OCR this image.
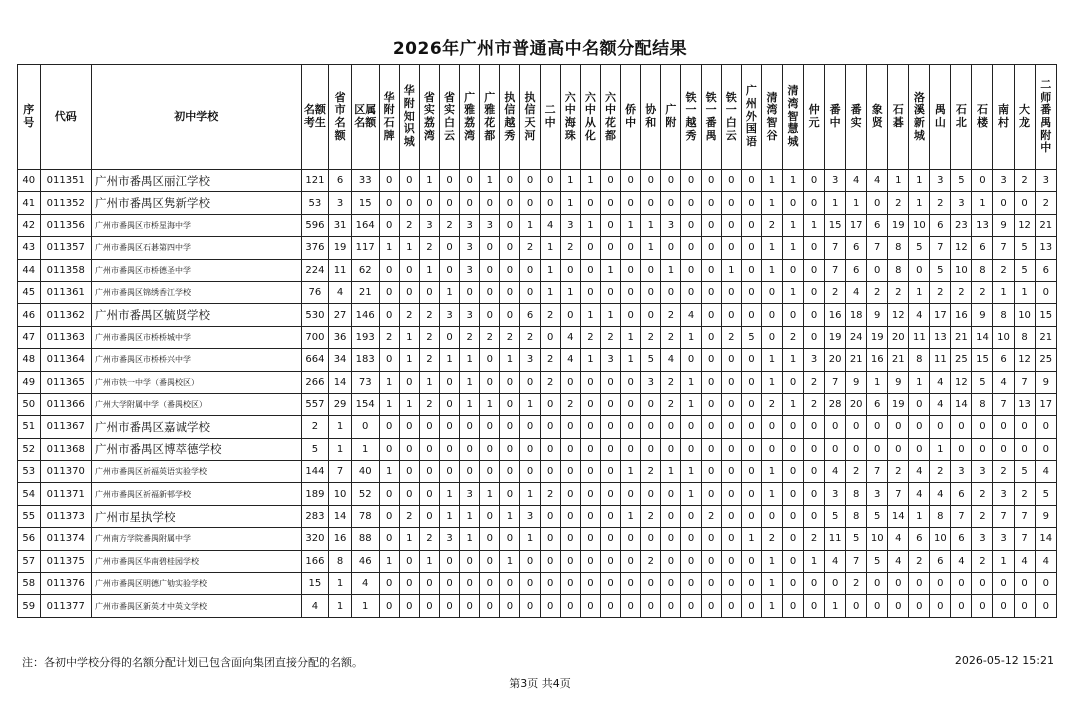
2026年广州市普通高中名额分配结果
序号	代码	初中学校	名额考生	省市名额	区属名额	华附石牌	华附知识城	省实荔湾	省实白云	广雅荔湾	广雅花都	执信越秀	执信天河	二中	六中海珠	六中从化	六中花都	侨中	协和	广附	铁一越秀	铁一番禺	铁一白云	广州外国语	清湾智谷	清湾智慧城	仲元	番中	番实	象贤	石碁	洛溪新城	禺山	石北	石楼	南村	大龙	二师番禺附中
40	011351	广州市番禺区丽江学校	121	6	33	0	0	1	0	0	1	0	0	0	1	1	0	0	0	0	0	0	0	0	1	1	0	3	4	4	1	1	3	5	0	3	2	3
41	011352	广州市番禺区隽新学校	53	3	15	0	0	0	0	0	0	0	0	0	1	0	0	0	0	0	0	0	0	0	1	0	0	1	1	0	2	1	2	3	1	0	0	2
42	011356	广州市番禺区市桥星海中学	596	31	164	0	2	3	2	3	3	0	1	4	3	1	0	1	1	3	0	0	0	0	2	1	1	15	17	6	19	10	6	23	13	9	12	21
43	011357	广州市番禺区石碁第四中学	376	19	117	1	1	2	0	3	0	0	2	1	2	0	0	0	1	0	0	0	0	0	1	1	0	7	6	7	8	5	7	12	6	7	5	13
44	011358	广州市番禺区市桥德圣中学	224	11	62	0	0	1	0	3	0	0	0	1	0	0	1	0	0	1	0	0	1	0	1	0	0	7	6	0	8	0	5	10	8	2	5	6
45	011361	广州市番禺区锦绣香江学校	76	4	21	0	0	0	1	0	0	0	0	1	1	0	0	0	0	0	0	0	0	0	0	1	0	2	4	2	2	1	2	2	2	1	1	0
46	011362	广州市番禺区毓贤学校	530	27	146	0	2	2	3	3	0	0	6	2	0	1	1	0	0	2	4	0	0	0	0	0	0	16	18	9	12	4	17	16	9	8	10	15
47	011363	广州市番禺区市桥桥城中学	700	36	193	2	1	2	0	2	2	2	2	0	4	2	2	1	2	2	1	0	2	5	0	2	0	19	24	19	20	11	13	21	14	10	8	21
48	011364	广州市番禺区市桥桥兴中学	664	34	183	0	1	2	1	1	0	1	3	2	4	1	3	1	5	4	0	0	0	0	1	1	3	20	21	16	21	8	11	25	15	6	12	25
49	011365	广州市铁一中学（番禺校区）	266	14	73	1	0	1	0	1	0	0	0	2	0	0	0	0	3	2	1	0	0	0	1	0	2	7	9	1	9	1	4	12	5	4	7	9
50	011366	广州大学附属中学（番禺校区）	557	29	154	1	1	2	0	1	1	0	1	0	2	0	0	0	0	2	1	0	0	0	2	1	2	28	20	6	19	0	4	14	8	7	13	17
51	011367	广州市番禺区嘉诚学校	2	1	0	0	0	0	0	0	0	0	0	0	0	0	0	0	0	0	0	0	0	0	0	0	0	0	0	0	0	0	0	0	0	0	0	0
52	011368	广州市番禺区博萃德学校	5	1	1	0	0	0	0	0	0	0	0	0	0	0	0	0	0	0	0	0	0	0	0	0	0	0	0	0	0	0	1	0	0	0	0	0
53	011370	广州市番禺区祈福英语实验学校	144	7	40	1	0	0	0	0	0	0	0	0	0	0	0	1	2	1	1	0	0	0	1	0	0	4	2	7	2	4	2	3	3	2	5	4
54	011371	广州市番禺区祈福新邨学校	189	10	52	0	0	0	1	3	1	0	1	2	0	0	0	0	0	0	1	0	0	0	1	0	0	3	8	3	7	4	4	6	2	3	2	5
55	011373	广州市星执学校	283	14	78	0	2	0	1	1	0	1	3	0	0	0	0	1	2	0	0	2	0	0	0	0	0	5	8	5	14	1	8	7	2	7	7	9
56	011374	广州南方学院番禺附属中学	320	16	88	0	1	2	3	1	0	0	1	0	0	0	0	0	0	0	0	0	0	1	2	0	2	11	5	10	4	6	10	6	3	3	7	14
57	011375	广州市番禺区华南碧桂园学校	166	8	46	1	0	1	0	0	0	1	0	0	0	0	0	0	2	0	0	0	0	0	1	0	1	4	7	5	4	2	6	4	2	1	4	4
58	011376	广州市番禺区明德广劬实验学校	15	1	4	0	0	0	0	0	0	0	0	0	0	0	0	0	0	0	0	0	0	0	1	0	0	0	2	0	0	0	0	0	0	0	0	0
59	011377	广州市番禺区新英才中英文学校	4	1	1	0	0	0	0	0	0	0	0	0	0	0	0	0	0	0	0	0	0	0	1	0	0	1	0	0	0	0	0	0	0	0	0	0
注：各初中学校分得的名额分配计划已包含面向集团直接分配的名额。	2026-05-12 15:21
第3页 共4页
